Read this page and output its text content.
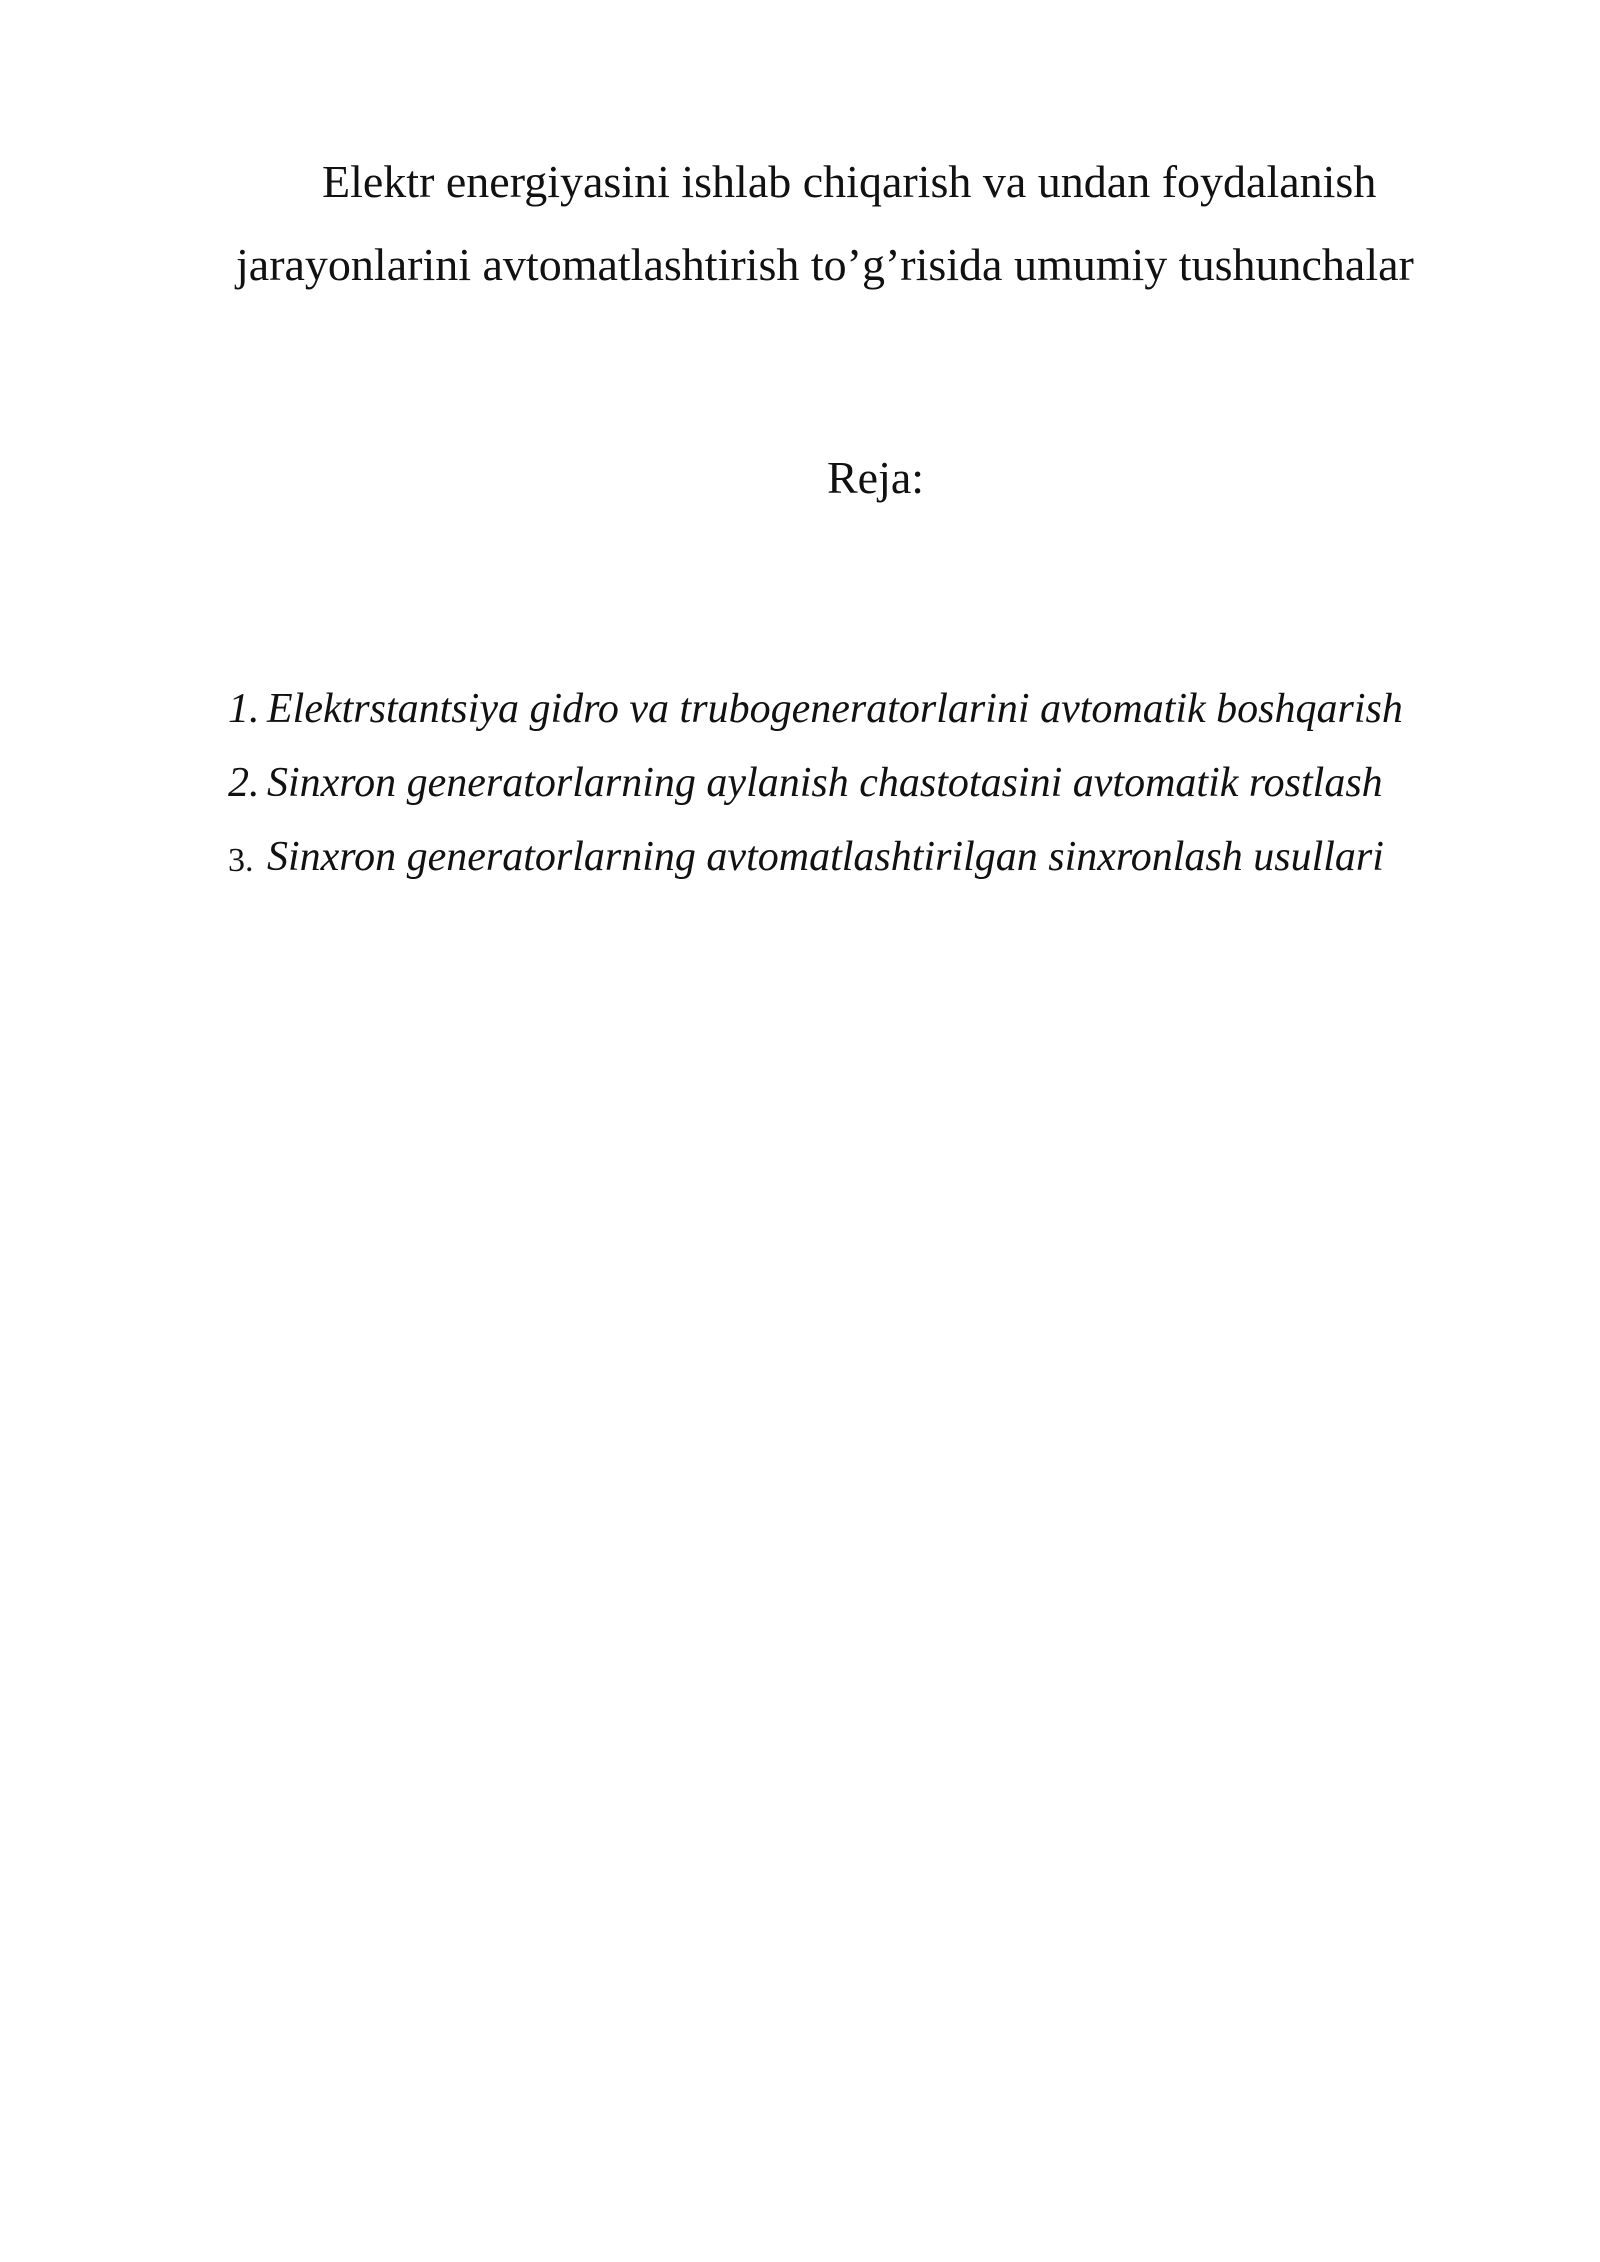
Elektr energiyasini ishlab chiqarish va undan foydalanish
jarayonlarini avtomatlashtirish to’g’risida umumiy tushunchalar
Reja:
1. Elektrstantsiya gidro va trubogeneratorlarini avtomatik boshqarish
2. Sinxron generatorlarning aylanish chastotasini avtomatik rostlash
3. Sinxron generatorlarning avtomatlashtirilgan sinxronlash usullari
